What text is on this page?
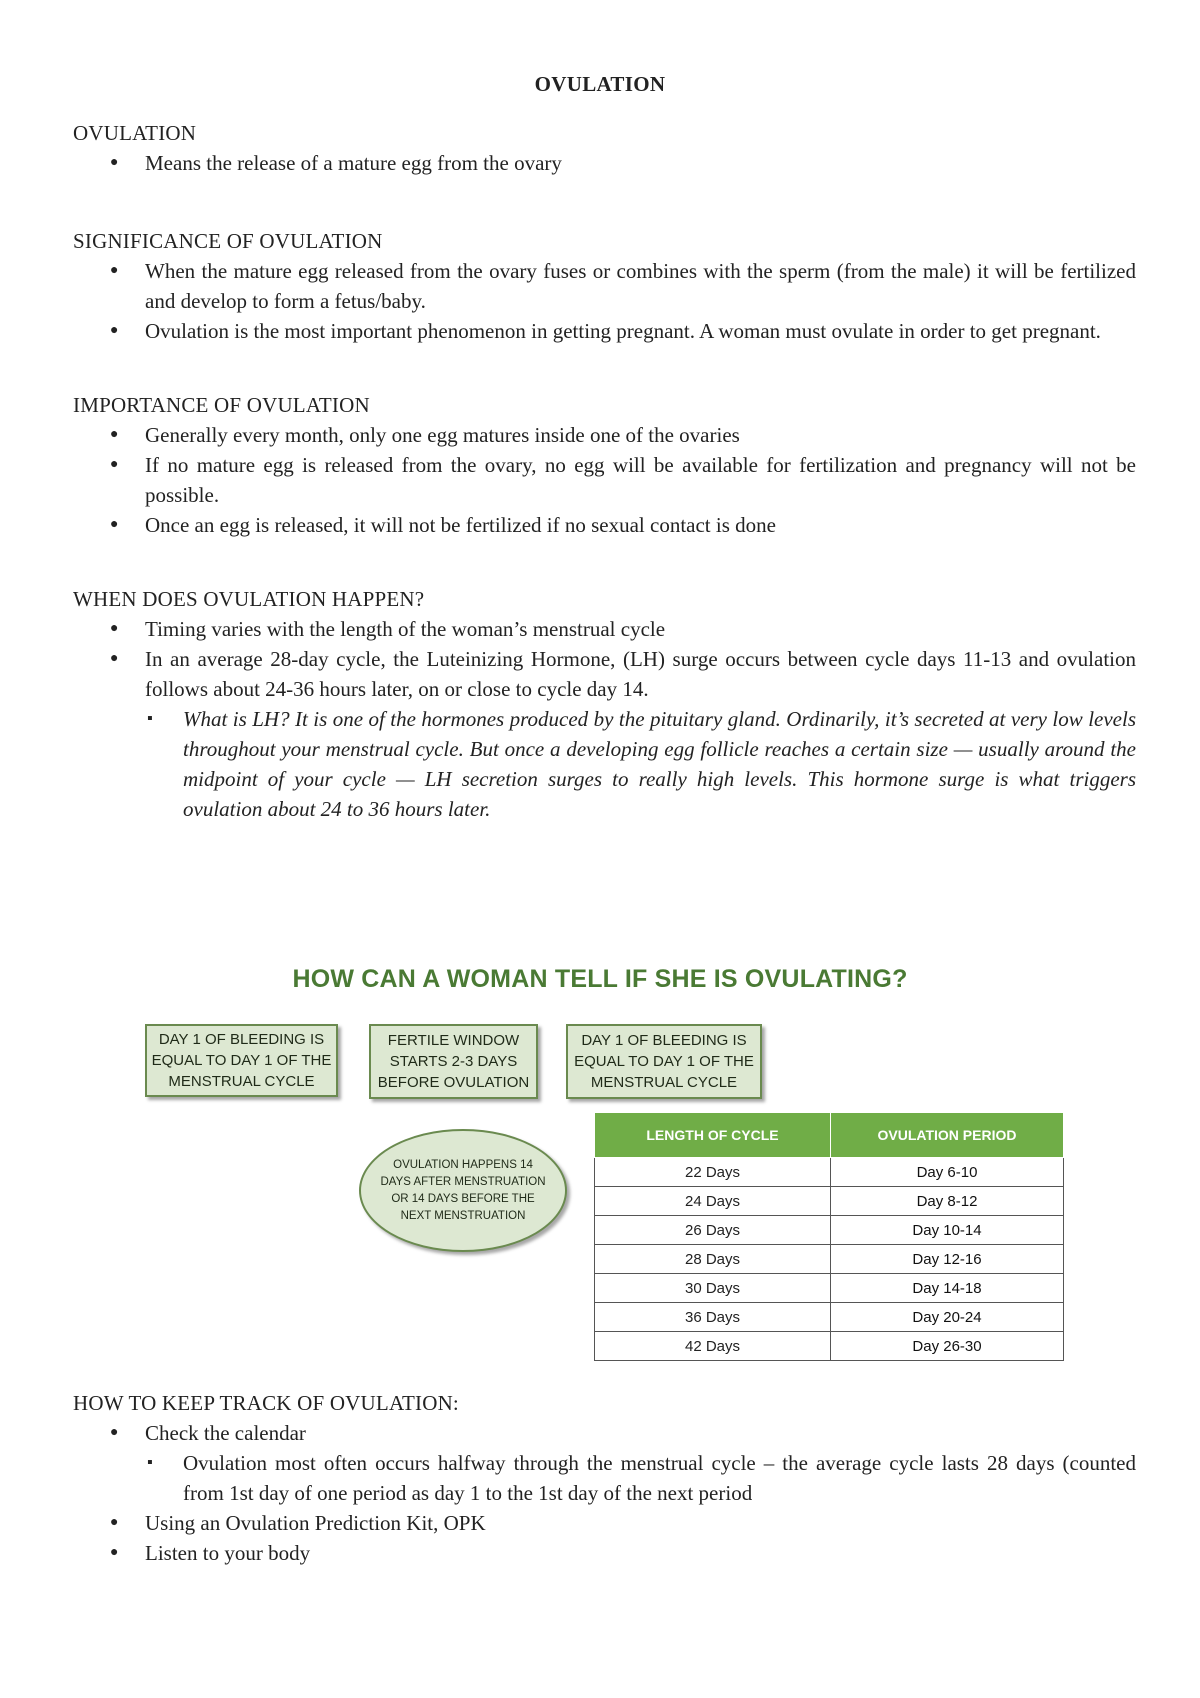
OVULATION

OVULATION

● Means the release of a mature egg from the ovary

SIGNIFICANCE OF OVULATION

● When the mature egg released from the ovary fuses or combines with the sperm (from the male) it will be fertilized and develop to form a fetus/baby.
● Ovulation is the most important phenomenon in getting pregnant. A woman must ovulate in order to get pregnant.

IMPORTANCE OF OVULATION

● Generally every month, only one egg matures inside one of the ovaries
● If no mature egg is released from the ovary, no egg will be available for fertilization and pregnancy will not be possible.
● Once an egg is released, it will not be fertilized if no sexual contact is done

WHEN DOES OVULATION HAPPEN?

● Timing varies with the length of the woman’s menstrual cycle
● In an average 28-day cycle, the Luteinizing Hormone, (LH) surge occurs between cycle days 11-13 and ovulation follows about 24-36 hours later, on or close to cycle day 14.
▪ What is LH? It is one of the hormones produced by the pituitary gland. Ordinarily, it’s secreted at very low levels throughout your menstrual cycle. But once a developing egg follicle reaches a certain size — usually around the midpoint of your cycle — LH secretion surges to really high levels. This hormone surge is what triggers ovulation about 24 to 36 hours later.
HOW CAN A WOMAN TELL IF SHE IS OVULATING?
DAY 1 OF BLEEDING IS EQUAL TO DAY 1 OF THE MENSTRUAL CYCLE
FERTILE WINDOW STARTS 2-3 DAYS BEFORE OVULATION
DAY 1 OF BLEEDING IS EQUAL TO DAY 1 OF THE MENSTRUAL CYCLE
OVULATION HAPPENS 14 DAYS AFTER MENSTRUATION OR 14 DAYS BEFORE THE NEXT MENSTRUATION
LENGTH OF CYCLE	OVULATION PERIOD
22 Days	Day 6-10
24 Days	Day 8-12
26 Days	Day 10-14
28 Days	Day 12-16
30 Days	Day 14-18
36 Days	Day 20-24
42 Days	Day 26-30

HOW TO KEEP TRACK OF OVULATION:

● Check the calendar
▪ Ovulation most often occurs halfway through the menstrual cycle – the average cycle lasts 28 days (counted from 1st day of one period as day 1 to the 1st day of the next period
● Using an Ovulation Prediction Kit, OPK
● Listen to your body
